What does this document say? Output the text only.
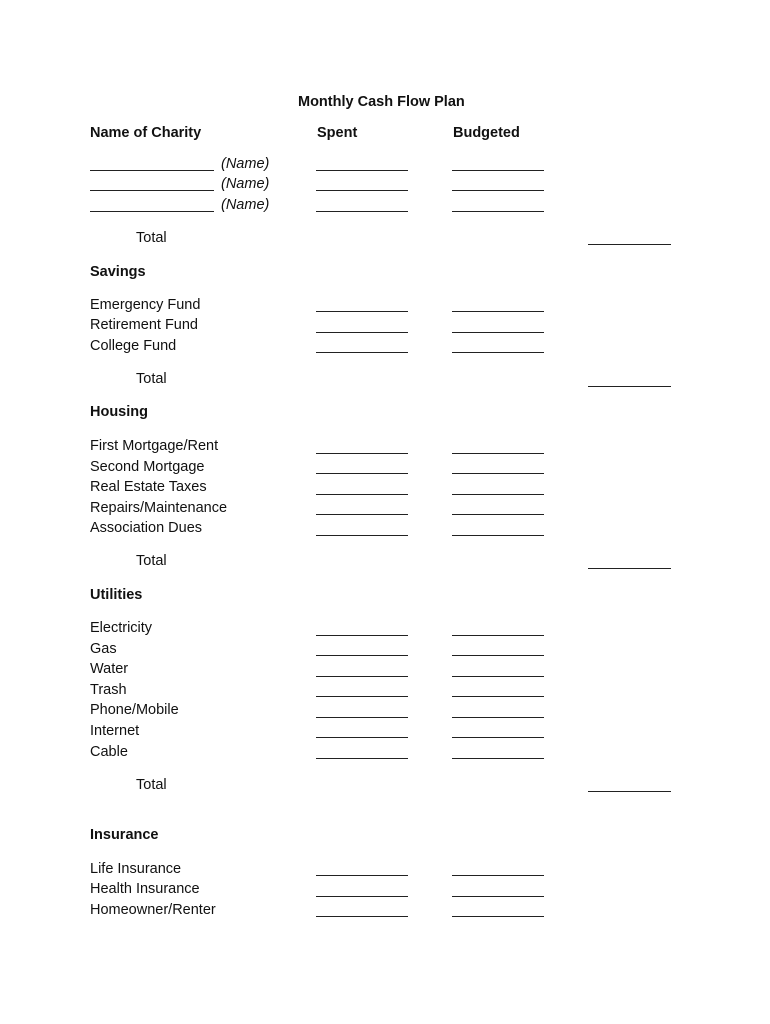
Monthly Cash Flow Plan
Name of Charity	Spent	Budgeted
(Name)
(Name)
(Name)
Total
Savings
Emergency Fund
Retirement Fund
College Fund
Total
Housing
First Mortgage/Rent
Second Mortgage
Real Estate Taxes
Repairs/Maintenance
Association Dues
Total
Utilities
Electricity
Gas
Water
Trash
Phone/Mobile
Internet
Cable
Total
Insurance
Life Insurance
Health Insurance
Homeowner/Renter
